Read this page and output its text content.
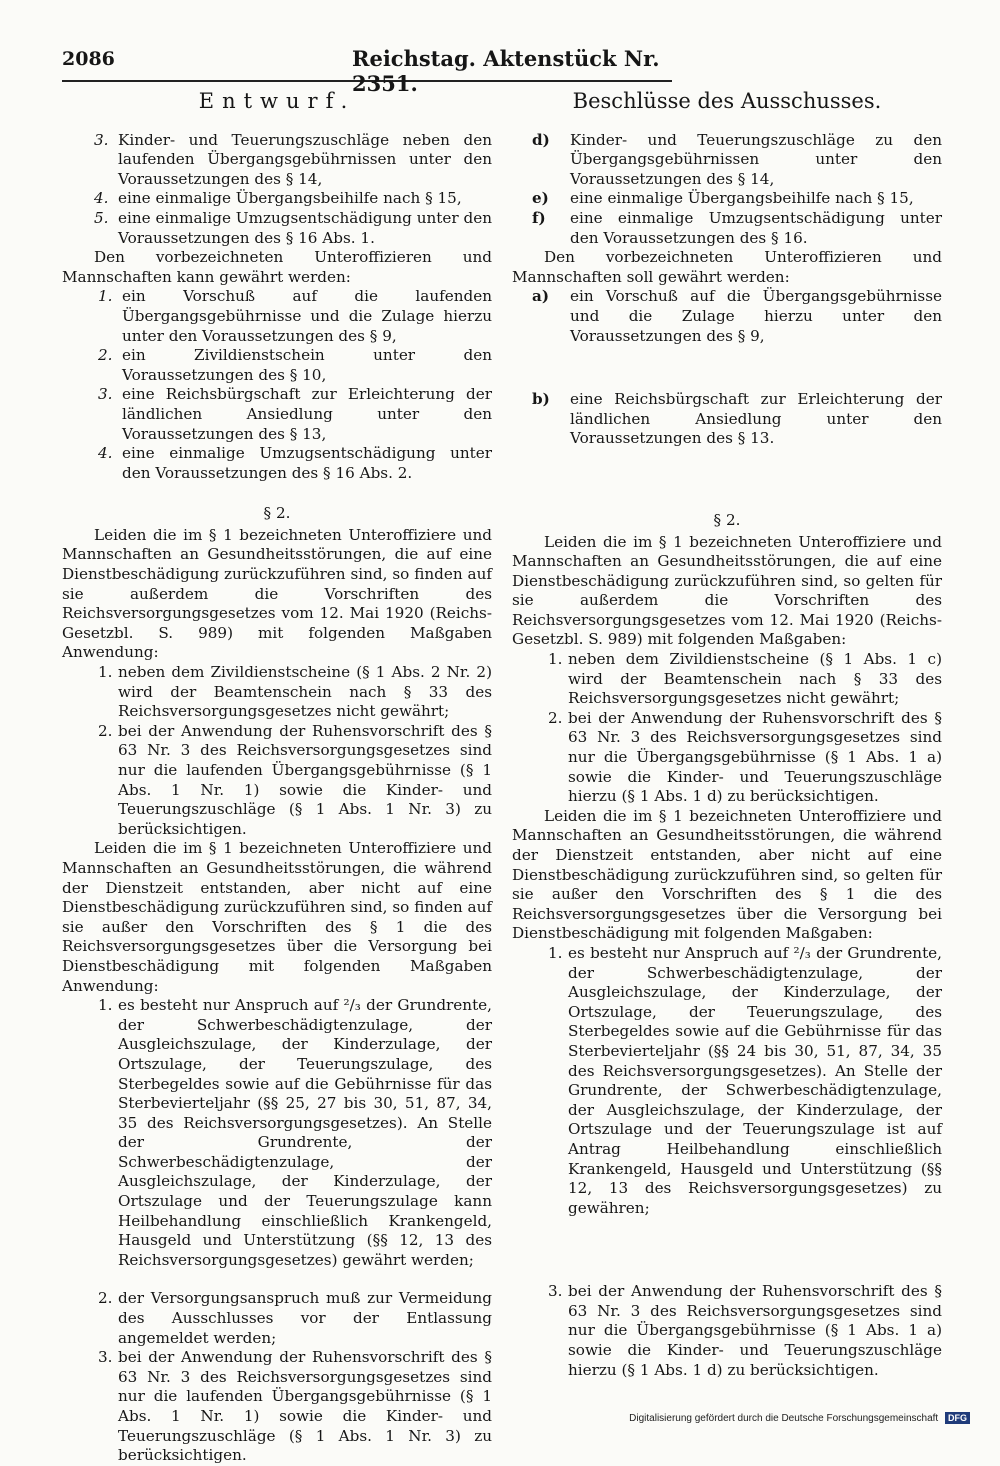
2086	Reichstag. Aktenstück Nr. 2351.
Entwurf.
3. Kinder- und Teuerungszuschläge neben den laufenden Übergangsgebührnissen unter den Voraussetzungen des § 14,
4. eine einmalige Übergangsbeihilfe nach § 15,
5. eine einmalige Umzugsentschädigung unter den Voraussetzungen des § 16 Abs. 1.

Den vorbezeichneten Unteroffizieren und Mannschaften kann gewährt werden:

1. ein Vorschuß auf die laufenden Übergangsgebührnisse und die Zulage hierzu unter den Voraussetzungen des § 9,
2. ein Zivildienstschein unter den Voraussetzungen des § 10,
3. eine Reichsbürgschaft zur Erleichterung der ländlichen Ansiedlung unter den Voraussetzungen des § 13,
4. eine einmalige Umzugsentschädigung unter den Voraussetzungen des § 16 Abs. 2.
§ 2.

Leiden die im § 1 bezeichneten Unteroffiziere und Mannschaften an Gesundheitsstörungen, die auf eine Dienstbeschädigung zurückzuführen sind, so finden auf sie außerdem die Vorschriften des Reichsversorgungsgesetzes vom 12. Mai 1920 (Reichs-Gesetzbl. S. 989) mit folgenden Maßgaben Anwendung:

1. neben dem Zivildienstscheine (§ 1 Abs. 2 Nr. 2) wird der Beamtenschein nach § 33 des Reichsversorgungsgesetzes nicht gewährt;
2. bei der Anwendung der Ruhensvorschrift des § 63 Nr. 3 des Reichsversorgungsgesetzes sind nur die laufenden Übergangsgebührnisse (§ 1 Abs. 1 Nr. 1) sowie die Kinder- und Teuerungszuschläge (§ 1 Abs. 1 Nr. 3) zu berücksichtigen.

Leiden die im § 1 bezeichneten Unteroffiziere und Mannschaften an Gesundheitsstörungen, die während der Dienstzeit entstanden, aber nicht auf eine Dienstbeschädigung zurückzuführen sind, so finden auf sie außer den Vorschriften des § 1 die des Reichsversorgungsgesetzes über die Versorgung bei Dienstbeschädigung mit folgenden Maßgaben Anwendung:

1. es besteht nur Anspruch auf ²/₃ der Grundrente, der Schwerbeschädigtenzulage, der Ausgleichszulage, der Kinderzulage, der Ortszulage, der Teuerungszulage, des Sterbegeldes sowie auf die Gebührnisse für das Sterbevierteljahr (§§ 25, 27 bis 30, 51, 87, 34, 35 des Reichsversorgungsgesetzes). An Stelle der Grundrente, der Schwerbeschädigtenzulage, der Ausgleichszulage, der Kinderzulage, der Ortszulage und der Teuerungszulage kann Heilbehandlung einschließlich Krankengeld, Hausgeld und Unterstützung (§§ 12, 13 des Reichsversorgungsgesetzes) gewährt werden;
2. der Versorgungsanspruch muß zur Vermeidung des Ausschlusses vor der Entlassung angemeldet werden;
3. bei der Anwendung der Ruhensvorschrift des § 63 Nr. 3 des Reichsversorgungsgesetzes sind nur die laufenden Übergangsgebührnisse (§ 1 Abs. 1 Nr. 1) sowie die Kinder- und Teuerungszuschläge (§ 1 Abs. 1 Nr. 3) zu berücksichtigen.
Beschlüsse des Ausschusses.
d) Kinder- und Teuerungszuschläge zu den Übergangsgebührnissen unter den Voraussetzungen des § 14,
e) eine einmalige Übergangsbeihilfe nach § 15,
f) eine einmalige Umzugsentschädigung unter den Voraussetzungen des § 16.

Den vorbezeichneten Unteroffizieren und Mannschaften soll gewährt werden:

a) ein Vorschuß auf die Übergangsgebührnisse und die Zulage hierzu unter den Voraussetzungen des § 9,
b) eine Reichsbürgschaft zur Erleichterung der ländlichen Ansiedlung unter den Voraussetzungen des § 13.
§ 2.

Leiden die im § 1 bezeichneten Unteroffiziere und Mannschaften an Gesundheitsstörungen, die auf eine Dienstbeschädigung zurückzuführen sind, so gelten für sie außerdem die Vorschriften des Reichsversorgungsgesetzes vom 12. Mai 1920 (Reichs-Gesetzbl. S. 989) mit folgenden Maßgaben:

1. neben dem Zivildienstscheine (§ 1 Abs. 1 c) wird der Beamtenschein nach § 33 des Reichsversorgungsgesetzes nicht gewährt;
2. bei der Anwendung der Ruhensvorschrift des § 63 Nr. 3 des Reichsversorgungsgesetzes sind nur die Übergangsgebührnisse (§ 1 Abs. 1 a) sowie die Kinder- und Teuerungszuschläge hierzu (§ 1 Abs. 1 d) zu berücksichtigen.

Leiden die im § 1 bezeichneten Unteroffiziere und Mannschaften an Gesundheitsstörungen, die während der Dienstzeit entstanden, aber nicht auf eine Dienstbeschädigung zurückzuführen sind, so gelten für sie außer den Vorschriften des § 1 die des Reichsversorgungsgesetzes über die Versorgung bei Dienstbeschädigung mit folgenden Maßgaben:

1. es besteht nur Anspruch auf ²/₃ der Grundrente, der Schwerbeschädigtenzulage, der Ausgleichszulage, der Kinderzulage, der Ortszulage, der Teuerungszulage, des Sterbegeldes sowie auf die Gebührnisse für das Sterbevierteljahr (§§ 24 bis 30, 51, 87, 34, 35 des Reichsversorgungsgesetzes). An Stelle der Grundrente, der Schwerbeschädigtenzulage, der Ausgleichszulage, der Kinderzulage, der Ortszulage und der Teuerungszulage ist auf Antrag Heilbehandlung einschließlich Krankengeld, Hausgeld und Unterstützung (§§ 12, 13 des Reichsversorgungsgesetzes) zu gewähren;
3. bei der Anwendung der Ruhensvorschrift des § 63 Nr. 3 des Reichsversorgungsgesetzes sind nur die Übergangsgebührnisse (§ 1 Abs. 1 a) sowie die Kinder- und Teuerungszuschläge hierzu (§ 1 Abs. 1 d) zu berücksichtigen.
Digitalisierung gefördert durch die Deutsche Forschungsgemeinschaft DFG
